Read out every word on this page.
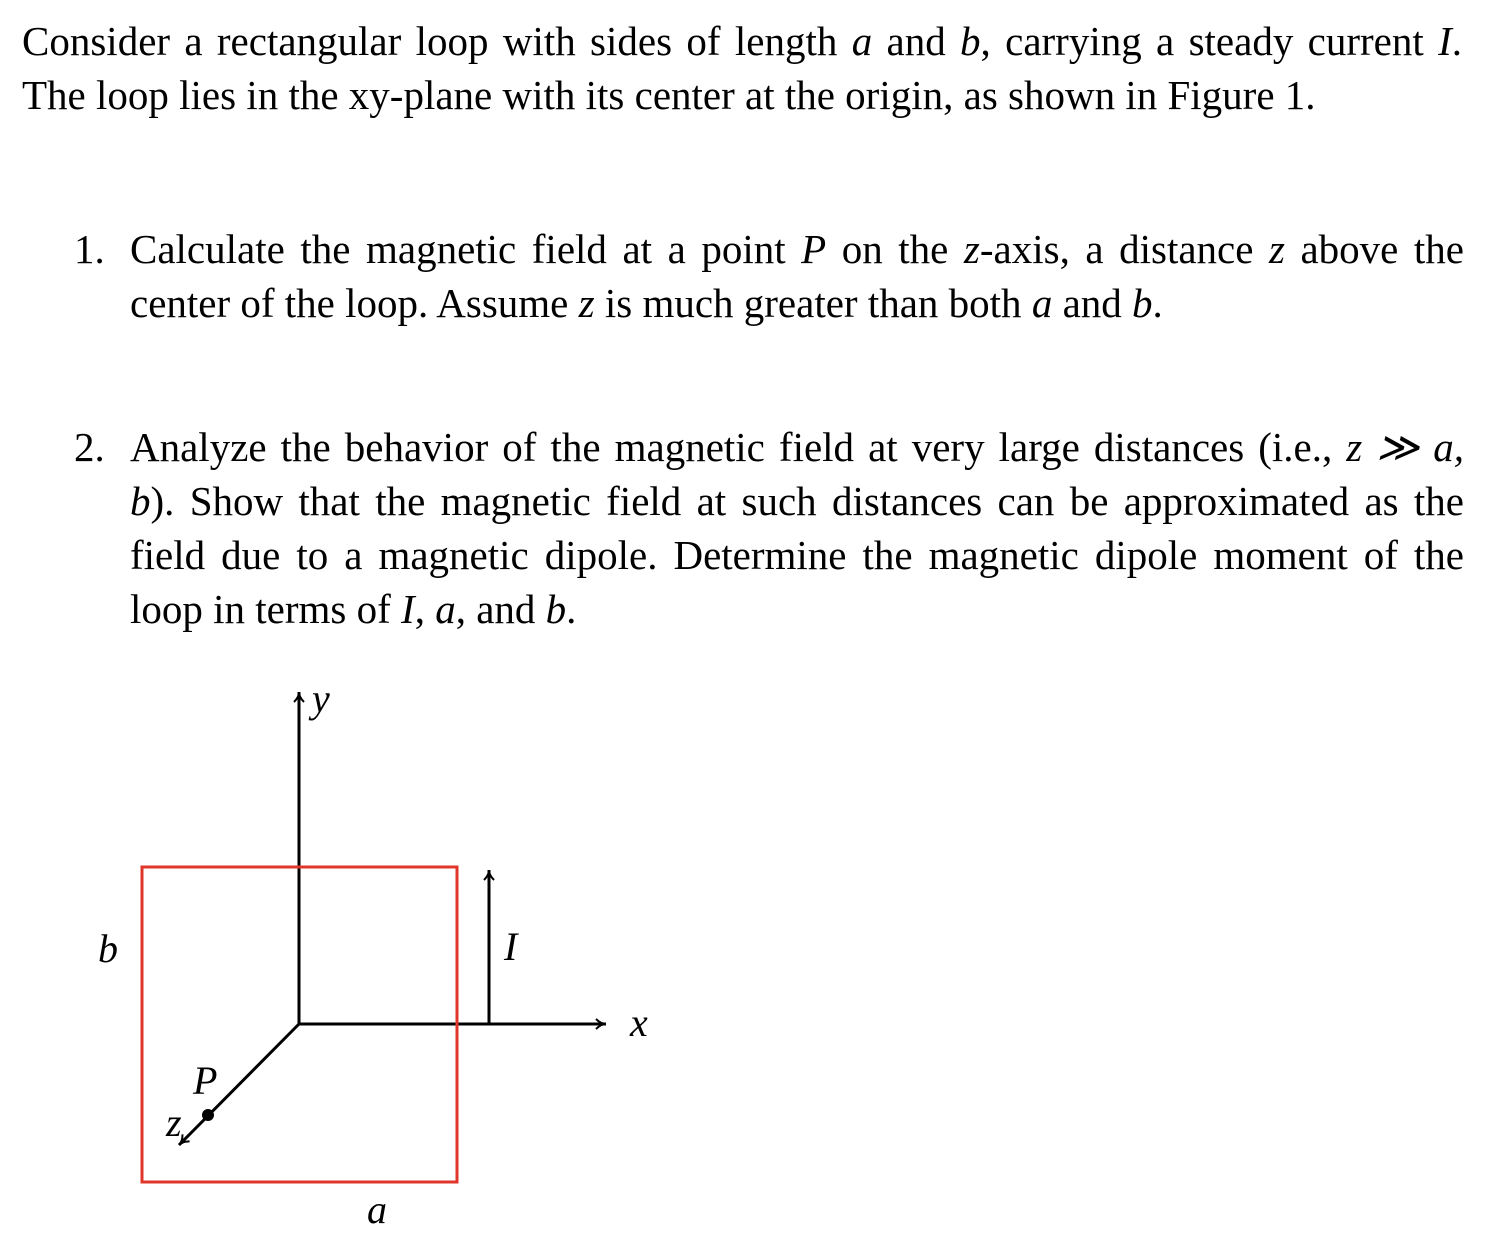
Consider a rectangular loop with sides of length a and b, carrying a steady current I. The loop lies in the xy-plane with its center at the origin, as shown in Figure 1.
1. Calculate the magnetic field at a point P on the z-axis, a distance z above the center of the loop. Assume z is much greater than both a and b.
2. Analyze the behavior of the magnetic field at very large distances (i.e., z ≫ a, b). Show that the magnetic field at such distances can be approximated as the field due to a magnetic dipole. Determine the magnetic dipole moment of the loop in terms of I, a, and b.
y
x
z
P
I
a
b
